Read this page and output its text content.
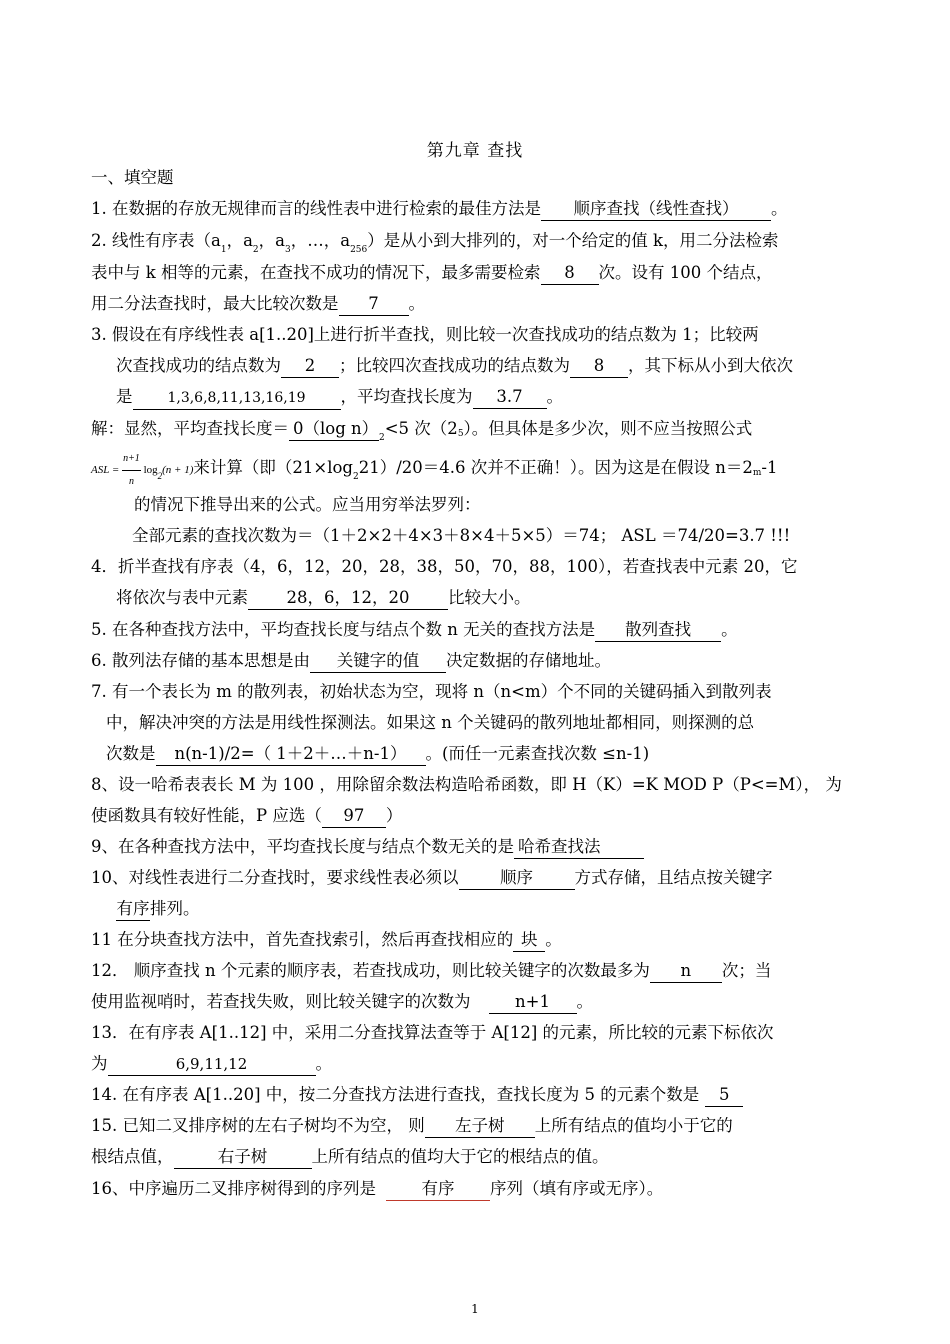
第九章 查找
一、填空题
1. 在数据的存放无规律而言的线性表中进行检索的最佳方法是 顺序查找（线性查找） 。
2. 线性有序表（$a_1$，$a_2$，$a_3$，…，$a_{256}$）是从小到大排列的，对一个给定的值 k，用二分法检索
表中与 k 相等的元素，在查找不成功的情况下，最多需要检索 8 次。设有 100 个结点，
用二分法查找时，最大比较次数是 7 。
3. 假设在有序线性表 a[1..20]上进行折半查找，则比较一次查找成功的结点数为 1；比较两
次查找成功的结点数为 2 ；比较四次查找成功的结点数为 8 ，其下标从小到大依次
是 1,3,6,8,11,13,16,19 ，平均查找长度为 3.7 。
解：显然，平均查找长度＝ 0（log $n)_2<5$ 次（25）。但具体是多少次，则不应当按照公式
ASL = $\frac{n+1}{n} \log_2(n + 1)$来计算（即$(21\times\log_221)/20=4.6$ 次并不正确！）。因为这是在假设 n＝2m-1
的情况下推导出来的公式。应当用穷举法罗列：
全部元素的查找次数为＝（1＋2×2＋4×3＋8×4＋5×5）＝74； ASL ＝74/20=3.7 !!!
4．折半查找有序表（4，6，12，20，28，38，50，70，88，100），若查找表中元素 20，它
将依次与表中元素 28，6，12，20 比较大小。
5. 在各种查找方法中，平均查找长度与结点个数 n 无关的查找方法是 散列查找 。
6. 散列法存储的基本思想是由 关键字的值 决定数据的存储地址。
7. 有一个表长为 m 的散列表，初始状态为空，现将 n（n<m）个不同的关键码插入到散列表
中，解决冲突的方法是用线性探测法。如果这 n 个关键码的散列地址都相同，则探测的总
次数是 n(n-1)/2=（ 1＋2＋…＋n-1） 。(而任一元素查找次数 ≤n-1)
8、设一哈希表表长 M 为 100 ，用除留余数法构造哈希函数，即 H（K）=K MOD P（P<=M）， 为
使函数具有较好性能，P 应选（ 97 ）
9、在各种查找方法中，平均查找长度与结点个数无关的是 哈希查找法
10、对线性表进行二分查找时，要求线性表必须以	顺序	方式存储，且结点按关键字
有序排列。
11 在分块查找方法中，首先查找索引，然后再查找相应的 块 。
12． 顺序查找 n 个元素的顺序表，若查找成功，则比较关键字的次数最多为 n 次；当
使用监视哨时，若查找失败，则比较关键字的次数为	n+1 。
13．在有序表 A[1..12] 中，采用二分查找算法查等于 A[12] 的元素，所比较的元素下标依次
为	6,9,11,12	。
14. 在有序表 A[1..20] 中，按二分查找方法进行查找，查找长度为 5 的元素个数是 5
15. 已知二叉排序树的左右子树均不为空， 则 左子树 上所有结点的值均小于它的
根结点值，	右子树	上所有结点的值均大于它的根结点的值。
16、中序遍历二叉排序树得到的序列是	有序 序列（填有序或无序）。
1
